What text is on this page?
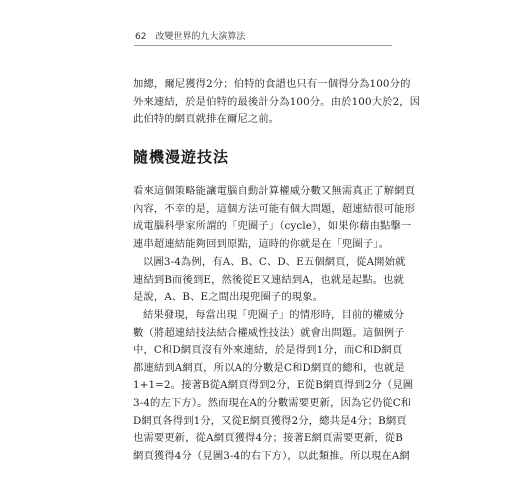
62 改變世界的九大演算法
加總，爾尼獲得2分；伯特的食譜也只有一個得分為100分的
外來連結，於是伯特的最後計分為100分。由於100大於2，因
此伯特的網頁就排在爾尼之前。
隨機漫遊技法
看來這個策略能讓電腦自動計算權威分數又無需真正了解網頁
內容，不幸的是，這個方法可能有個大問題，超連結很可能形
成電腦科學家所謂的「兜圈子」（cycle），如果你藉由點擊一
連串超連結能夠回到原點，這時的你就是在「兜圈子」。
以圖3-4為例，有A、B、C、D、E五個網頁，從A開始就
連結到B而後到E，然後從E又連結到A，也就是起點。也就
是說，A、B、E之間出現兜圈子的現象。
結果發現，每當出現「兜圈子」的情形時，目前的權威分
數（將超連結技法結合權威性技法）就會出問題。這個例子
中，C和D網頁沒有外來連結，於是得到1分，而C和D網頁
都連結到A網頁，所以A的分數是C和D網頁的總和，也就是
1+1=2。接著B從A網頁得到2分，E從B網頁得到2分（見圖
3-4的左下方）。然而現在A的分數需要更新，因為它仍從C和
D網頁各得到1分，又從E網頁獲得2分，總共是4分；B網頁
也需要更新，從A網頁獲得4分；接著E網頁需要更新，從B
網頁獲得4分（見圖3-4的右下方），以此類推。所以現在A網
